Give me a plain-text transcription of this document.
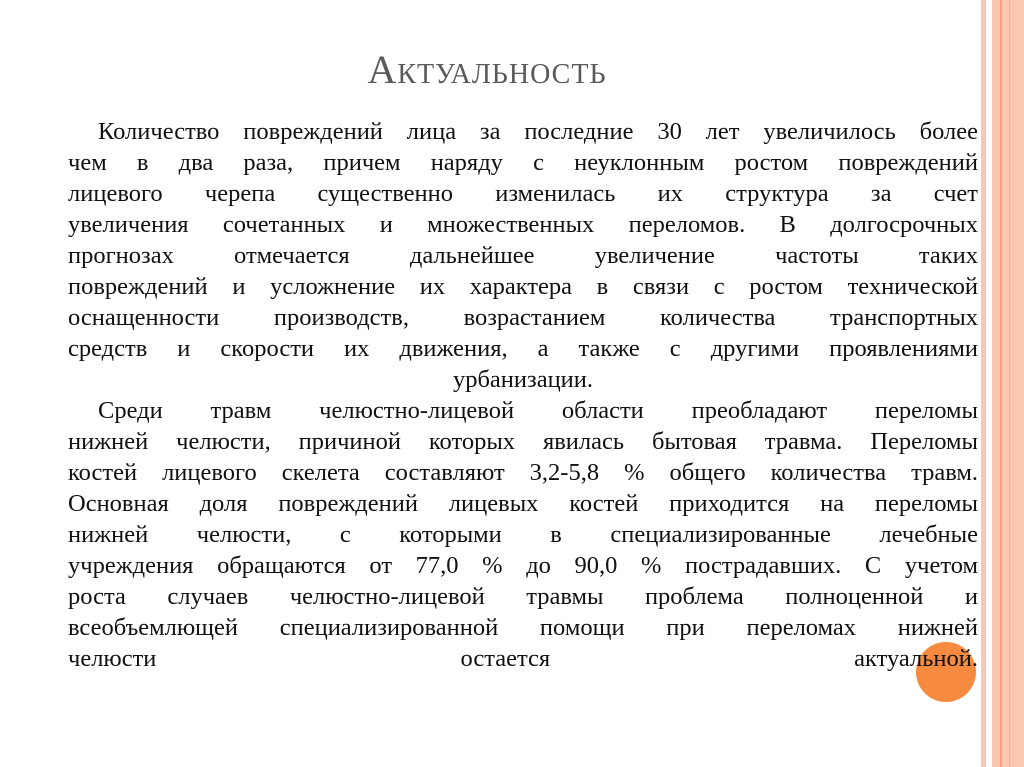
Актуальность
Количество повреждений лица за последние 30 лет увеличилось более
чем в два раза, причем наряду с неуклонным ростом повреждений
лицевого черепа существенно изменилась их структура за счет
увеличения сочетанных и множественных переломов. В долгосрочных
прогнозах отмечается дальнейшее увеличение частоты таких
повреждений и усложнение их характера в связи с ростом технической
оснащенности производств, возрастанием количества транспортных
средств и скорости их движения, а также с другими проявлениями
урбанизации.
Среди травм челюстно-лицевой области преобладают переломы
нижней челюсти, причиной которых явилась бытовая травма. Переломы
костей лицевого скелета составляют 3,2-5,8 % общего количества травм.
Основная доля повреждений лицевых костей приходится на переломы
нижней челюсти, с которыми в специализированные лечебные
учреждения обращаются от 77,0 % до 90,0 % пострадавших. С учетом
роста случаев челюстно-лицевой травмы проблема полноценной и
всеобъемлющей специализированной помощи при переломах нижней
челюсти остается актуальной.
